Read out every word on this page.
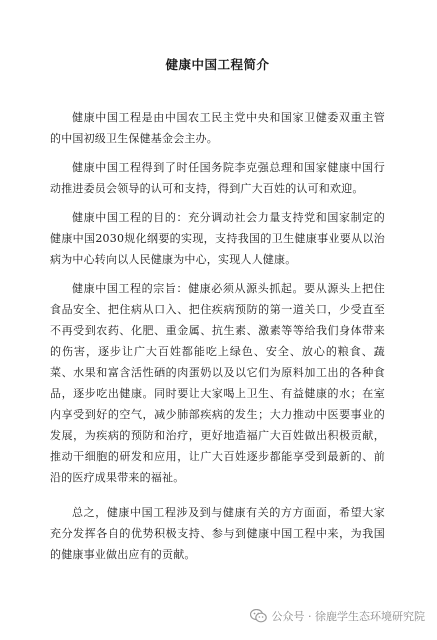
健康中国工程简介

健康中国工程是由中国农工民主党中央和国家卫健委双重主管的中国初级卫生保健基金会主办。

健康中国工程得到了时任国务院李克强总理和国家健康中国行动推进委员会领导的认可和支持，得到广大百姓的认可和欢迎。

健康中国工程的目的：充分调动社会力量支持党和国家制定的健康中国2030规化纲要的实现，支持我国的卫生健康事业要从以治病为中心转向以人民健康为中心，实现人人健康。

健康中国工程的宗旨：健康必须从源头抓起。要从源头上把住食品安全、把住病从口入、把住疾病预防的第一道关口，少受直至不再受到农药、化肥、重金属、抗生素、激素等等给我们身体带来的伤害，逐步让广大百姓都能吃上绿色、安全、放心的粮食、蔬菜、水果和富含活性硒的肉蛋奶以及以它们为原料加工出的各种食品，逐步吃出健康。同时要让大家喝上卫生、有益健康的水；在室内享受到好的空气，减少肺部疾病的发生；大力推动中医要事业的发展，为疾病的预防和治疗，更好地造福广大百姓做出积极贡献，推动干细胞的研发和应用，让广大百姓逐步都能享受到最新的、前沿的医疗成果带来的福祉。

总之，健康中国工程涉及到与健康有关的方方面面，希望大家充分发挥各自的优势积极支持、参与到健康中国工程中来，为我国的健康事业做出应有的贡献。

公众号 · 徐鹿学生态环境研究院
